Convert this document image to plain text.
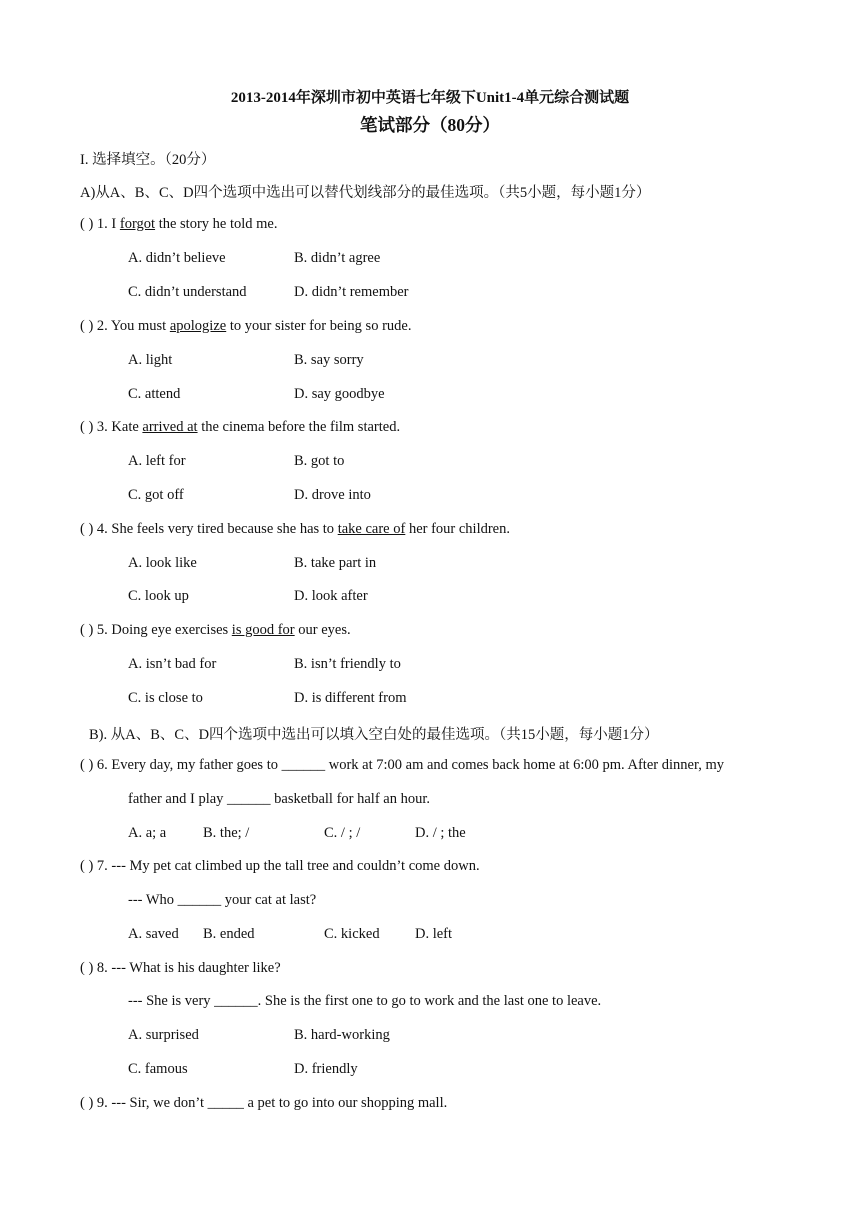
2013-2014年深圳市初中英语七年级下Unit1-4单元综合测试题
笔试部分（80分）
I. 选择填空。（20分）
A)从A、B、C、D四个选项中选出可以替代划线部分的最佳选项。（共5小题，每小题1分）
( ) 1. I forgot the story he told me.
A. didn’t believe	B. didn’t agree
C. didn’t understand	D. didn’t remember
( ) 2. You must apologize to your sister for being so rude.
A. light	B. say sorry
C. attend	D. say goodbye
( ) 3. Kate arrived at the cinema before the film started.
A. left for	B. got to
C. got off	D. drove into
( ) 4. She feels very tired because she has to take care of her four children.
A. look like	B. take part in
C. look up	D. look after
( ) 5. Doing eye exercises is good for our eyes.
A. isn’t bad for	B. isn’t friendly to
C. is close to	D. is different from
B). 从A、B、C、D四个选项中选出可以填入空白处的最佳选项。（共15小题，每小题1分）
( ) 6. Every day, my father goes to ______ work at 7:00 am and comes back home at 6:00 pm. After dinner, my
father and I play ______ basketball for half an hour.
A. a; a	B. the; /	C. / ; /	D. / ; the
( ) 7. --- My pet cat climbed up the tall tree and couldn’t come down.
--- Who ______ your cat at last?
A. saved B. ended	C. kicked D. left
( ) 8. --- What is his daughter like?
--- She is very ______. She is the first one to go to work and the last one to leave.
A. surprised	B. hard-working
C. famous	D. friendly
( ) 9. --- Sir, we don’t _____ a pet to go into our shopping mall.
